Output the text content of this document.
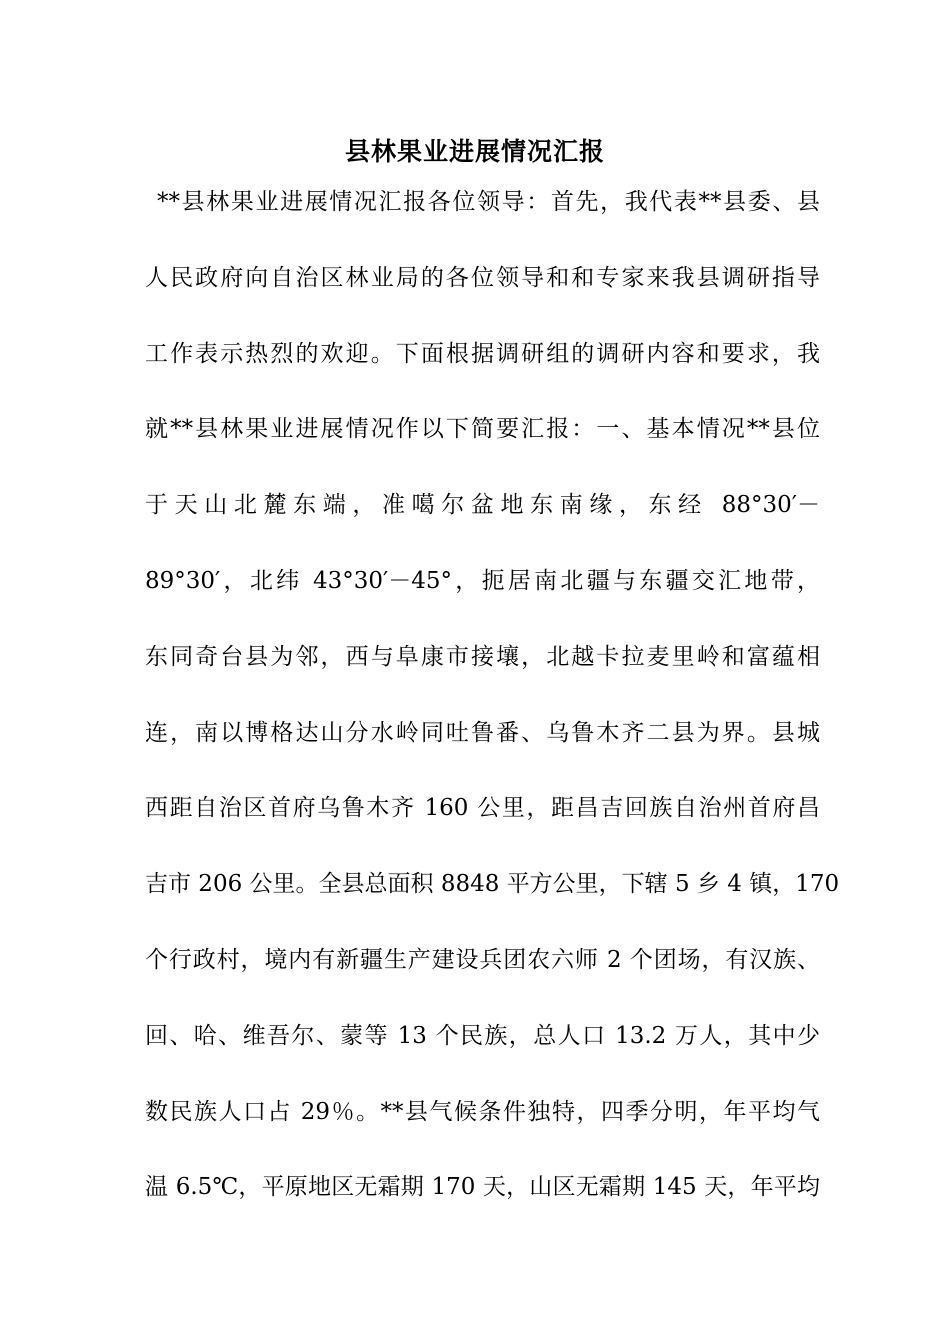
县林果业进展情况汇报
**县林果业进展情况汇报各位领导：首先，我代表**县委、县
人民政府向自治区林业局的各位领导和和专家来我县调研指导
工作表示热烈的欢迎。下面根据调研组的调研内容和要求，我
就**县林果业进展情况作以下简要汇报：一、基本情况**县位
于天山北麓东端，准噶尔盆地东南缘，东经 88°30′－
89°30′，北纬 43°30′－45°，扼居南北疆与东疆交汇地带，
东同奇台县为邻，西与阜康市接壤，北越卡拉麦里岭和富蕴相
连，南以博格达山分水岭同吐鲁番、乌鲁木齐二县为界。县城
西距自治区首府乌鲁木齐 160 公里，距昌吉回族自治州首府昌
吉市 206 公里。全县总面积 8848 平方公里，下辖 5 乡 4 镇，170
个行政村，境内有新疆生产建设兵团农六师 2 个团场，有汉族、
回、哈、维吾尔、蒙等 13 个民族，总人口 13.2 万人，其中少
数民族人口占 29％。**县气候条件独特，四季分明，年平均气
温 6.5℃，平原地区无霜期 170 天，山区无霜期 145 天，年平均
